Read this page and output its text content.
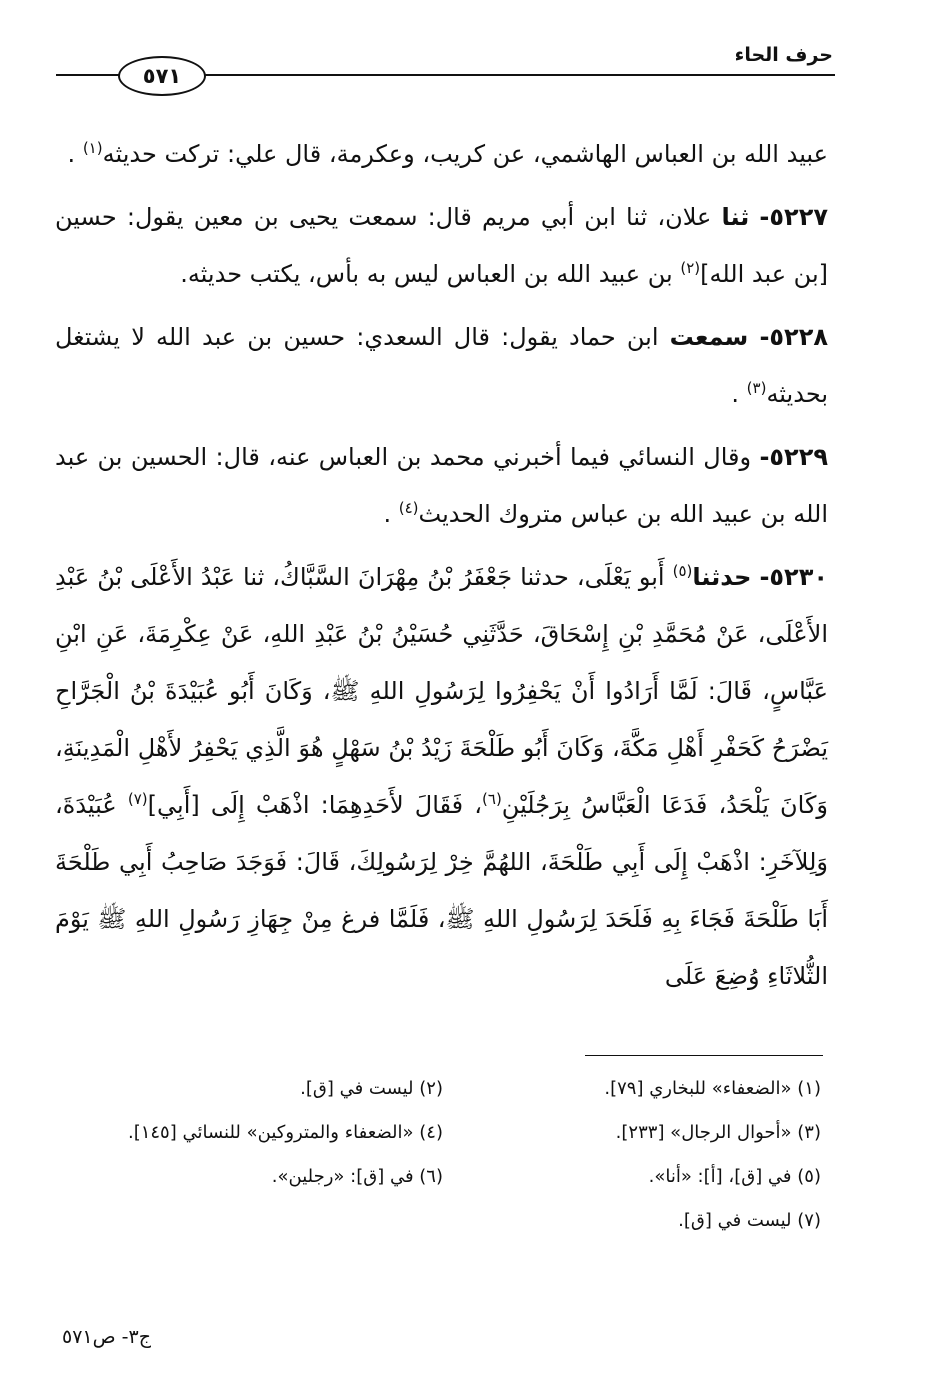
حرف الحاء
٥٧١

عبيد الله بن العباس الهاشمي، عن كريب، وعكرمة، قال علي: تركت حديثه$^{(١)}$ .

٥٢٢٧- ثنا علان، ثنا ابن أبي مريم قال: سمعت يحيى بن معين يقول: حسين [بن عبد الله]$^{(٢)}$ بن عبيد الله بن العباس ليس به بأس، يكتب حديثه.

٥٢٢٨- سمعت ابن حماد يقول: قال السعدي: حسين بن عبد الله لا يشتغل بحديثه$^{(٣)}$ .

٥٢٢٩- وقال النسائي فيما أخبرني محمد بن العباس عنه، قال: الحسين بن عبد الله بن عبيد الله بن عباس متروك الحديث$^{(٤)}$ .

٥٢٣٠- حدثنا$^{(٥)}$ أَبو يَعْلَى، حدثنا جَعْفَرُ بْنُ مِهْرَانَ السَّبَّاكُ، ثنا عَبْدُ الأَعْلَى بْنُ عَبْدِ الأَعْلَى، عَنْ مُحَمَّدِ بْنِ إِسْحَاقَ، حَدَّثَنِي حُسَيْنُ بْنُ عَبْدِ اللهِ، عَنْ عِكْرِمَةَ، عَنِ ابْنِ عَبَّاسٍ، قَالَ: لَمَّا أَرَادُوا أَنْ يَحْفِرُوا لِرَسُولِ اللهِ ﷺ، وَكَانَ أَبُو عُبَيْدَةَ بْنُ الْجَرَّاحِ يَضْرَحُ كَحَفْرِ أَهْلِ مَكَّةَ، وَكَانَ أَبُو طَلْحَةَ زَيْدُ بْنُ سَهْلٍ هُوَ الَّذِي يَحْفِرُ لأَهْلِ الْمَدِينَةِ، وَكَانَ يَلْحَدُ، فَدَعَا الْعَبَّاسُ بِرَجُلَيْنِ$^{(٦)}$، فَقَالَ لأَحَدِهِمَا: اذْهَبْ إِلَى [أَبِي]$^{(٧)}$ عُبَيْدَةَ، وَلِلآخَرِ: اذْهَبْ إِلَى أَبِي طَلْحَةَ، اللهُمَّ خِرْ لِرَسُولِكَ، قَالَ: فَوَجَدَ صَاحِبُ أَبِي طَلْحَةَ أَبَا طَلْحَةَ فَجَاءَ بِهِ فَلَحَدَ لِرَسُولِ اللهِ ﷺ، فَلَمَّا فرغ مِنْ جِهَازِ رَسُولِ اللهِ ﷺ يَوْمَ الثُّلاثَاءِ وُضِعَ عَلَى

(١) «الضعفاء» للبخاري [٧٩].
(٢) ليست في [ق].
(٣) «أحوال الرجال» [٢٣٣].
(٤) «الضعفاء والمتروكين» للنسائي [١٤٥].
(٥) في [ق]، [أ]: «أنا».
(٦) في [ق]: «رجلين».
(٧) ليست في [ق].
ج٣- ص٥٧١
